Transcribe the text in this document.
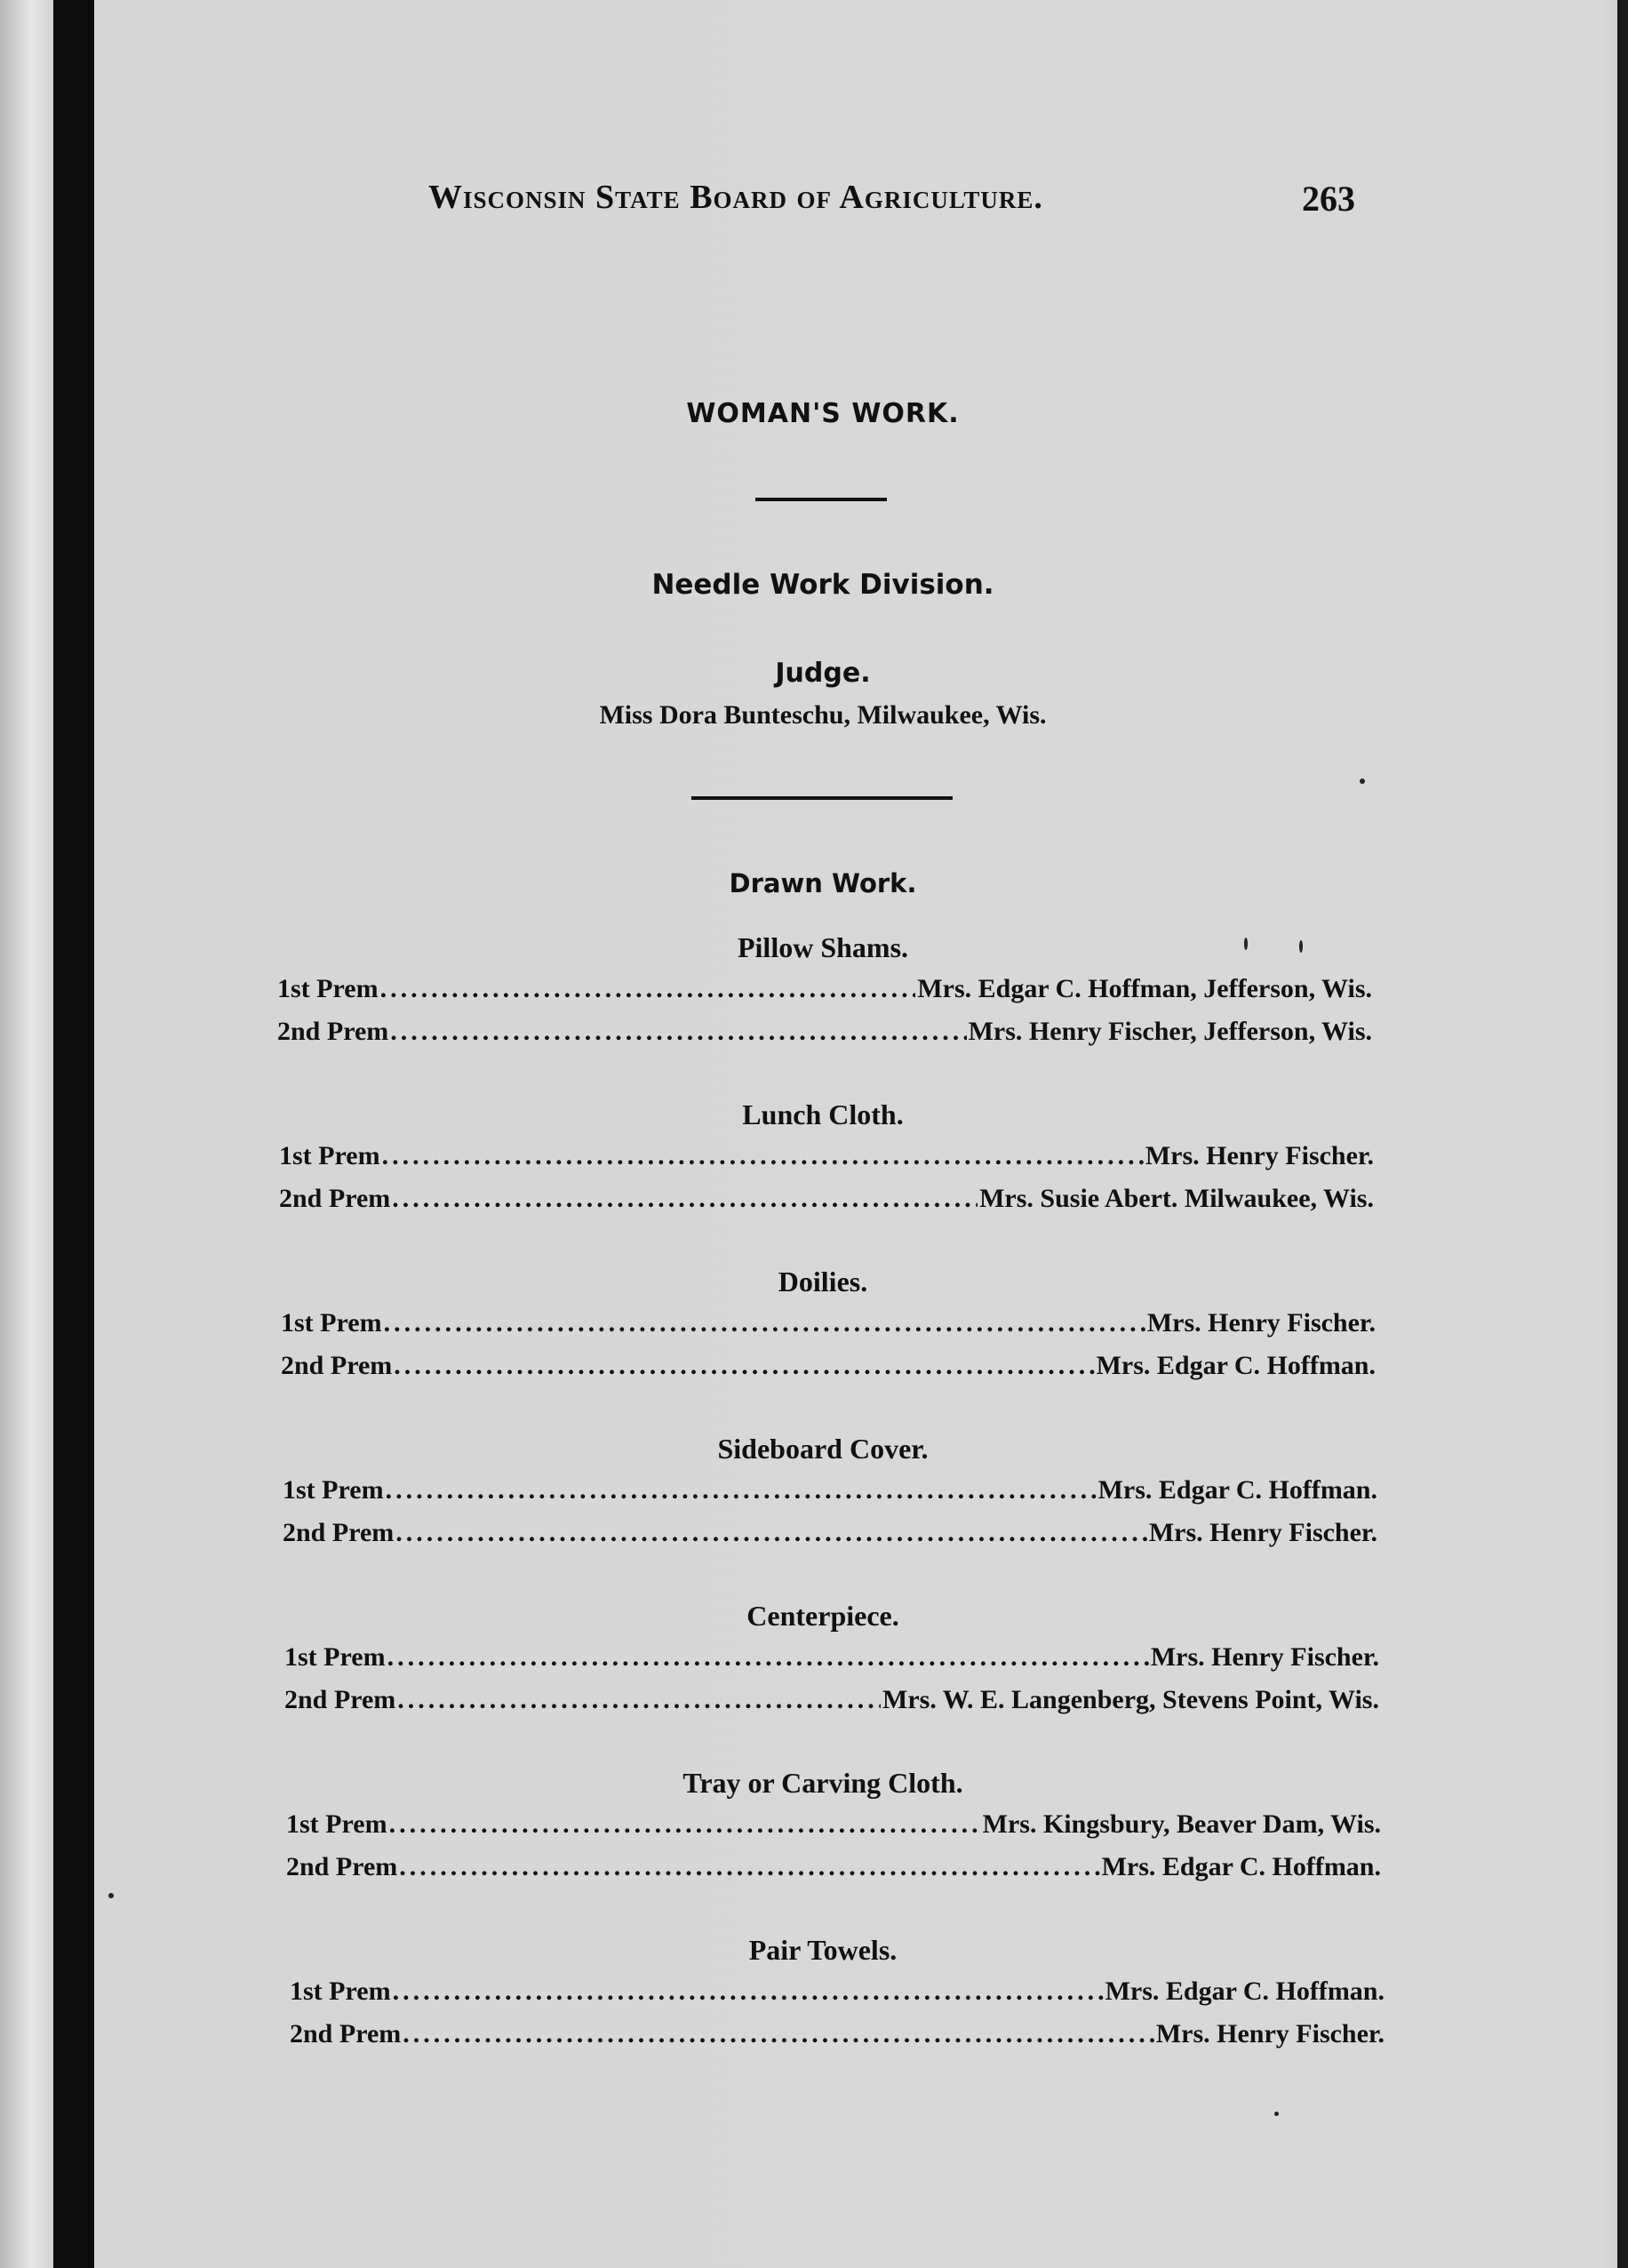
Wisconsin State Board of Agriculture.	263
WOMAN'S WORK.
Needle Work Division.
Judge.
Miss Dora Bunteschu, Milwaukee, Wis.
Drawn Work.
Pillow Shams.
1st Prem .....	Mrs. Edgar C. Hoffman, Jefferson, Wis.
2nd Prem .....	Mrs. Henry Fischer, Jefferson, Wis.
Lunch Cloth.
1st Prem .....	Mrs. Henry Fischer.
2nd Prem .....	Mrs. Susie Abert. Milwaukee, Wis.
Doilies.
1st Prem .....	Mrs. Henry Fischer.
2nd Prem .....	Mrs. Edgar C. Hoffman.
Sideboard Cover.
1st Prem .....	Mrs. Edgar C. Hoffman.
2nd Prem .....	Mrs. Henry Fischer.
Centerpiece.
1st Prem .....	Mrs. Henry Fischer.
2nd Prem .....	Mrs. W. E. Langenberg, Stevens Point, Wis.
Tray or Carving Cloth.
1st Prem .....	Mrs. Kingsbury, Beaver Dam, Wis.
2nd Prem .....	Mrs. Edgar C. Hoffman.
Pair Towels.
1st Prem .....	Mrs. Edgar C. Hoffman.
2nd Prem .....	Mrs. Henry Fischer.
